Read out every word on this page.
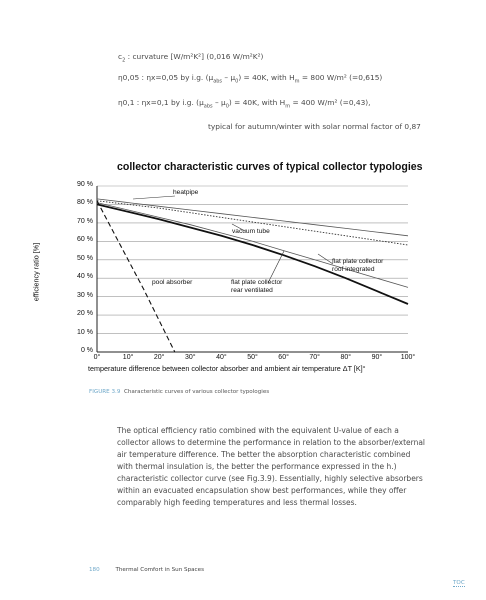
$c_2$ : curvature [W/m²K²] (0,016 W/m²K²)
η0,05 : ηx=0,05 by i.g. $(\mu_{abs} - \mu_0) = 40K$, with $H_m = 800$ W/m² (=0,615)
η0,1 : ηx=0,1 by i.g. $(\mu_{abs} - \mu_0) = 40K$, with $H_m = 400$ W/m² (=0,43),
typical for autumn/winter with solar normal factor of 0,87
collector characteristic curves of typical collector typologies
efficiency ratio [%]
90 %
80 %
70 %
60 %
50 %
40 %
30 %
20 %
10 %
0 %
0°	10°	20°	30°	40°	50°	60°	70°	80°	90°	100°
temperature difference between collector absorber and ambient air temperature ΔT [K]°
heatpipe
vacuum tube
flat plate collector
roof integrated
pool absorber	flat plate collector
rear ventilated
FIGURE 3.9 Characteristic curves of various collector typologies
The optical efficiency ratio combined with the equivalent U-value of each a collector allows to determine the performance in relation to the absorber/external air temperature difference. The better the absorption characteristic combined with thermal insulation is, the better the performance expressed in the h.) characteristic collector curve (see Fig.3.9). Essentially, highly selective absorbers within an evacuated encapsulation show best performances, while they offer comparably high feeding temperatures and less thermal losses.
180	Thermal Comfort in Sun Spaces
TOC
